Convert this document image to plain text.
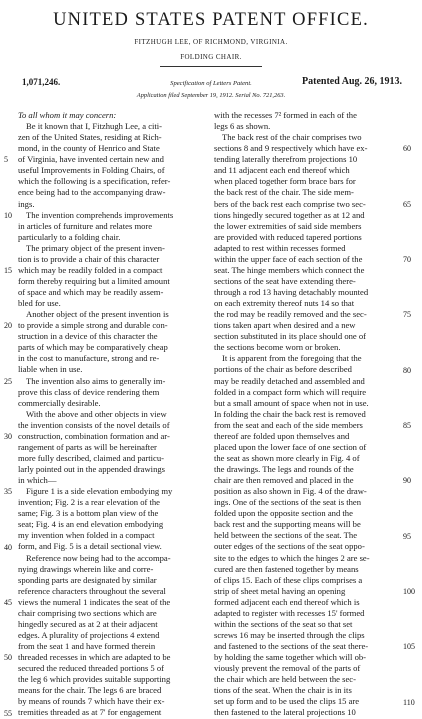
UNITED STATES PATENT OFFICE.
FITZHUGH LEE, OF RICHMOND, VIRGINIA.
FOLDING CHAIR.
1,071,246.	Specification of Letters Patent.	Patented Aug. 26, 1913.
Application filed September 19, 1912. Serial No. 721,263.
To all whom it may concern:
Be it known that I, Fitzhugh Lee, a citi-
zen of the United States, residing at Rich-
mond, in the county of Henrico and State
of Virginia, have invented certain new and
useful Improvements in Folding Chairs, of
which the following is a specification, refer-
ence being had to the accompanying draw-
ings.
The invention comprehends improvements
in articles of furniture and relates more
particularly to a folding chair.
The primary object of the present inven-
tion is to provide a chair of this character
which may be readily folded in a compact
form thereby requiring but a limited amount
of space and which may be readily assem-
bled for use.
Another object of the present invention is
to provide a simple strong and durable con-
struction in a device of this character the
parts of which may be comparatively cheap
in the cost to manufacture, strong and re-
liable when in use.
The invention also aims to generally im-
prove this class of device rendering them
commercially desirable.
With the above and other objects in view
the invention consists of the novel details of
construction, combination formation and ar-
rangement of parts as will be hereinafter
more fully described, claimed and particu-
larly pointed out in the appended drawings
in which—
Figure 1 is a side elevation embodying my
invention; Fig. 2 is a rear elevation of the
same; Fig. 3 is a bottom plan view of the
seat; Fig. 4 is an end elevation embodying
my invention when folded in a compact
form, and Fig. 5 is a detail sectional view.
Reference now being had to the accompa-
nying drawings wherein like and corre-
sponding parts are designated by similar
reference characters throughout the several
views the numeral 1 indicates the seat of the
chair comprising two sections which are
hingedly secured as at 2 at their adjacent
edges. A plurality of projections 4 extend
from the seat 1 and have formed therein
threaded recesses in which are adapted to be
secured the reduced threaded portions 5 of
the leg 6 which provides suitable supporting
means for the chair. The legs 6 are braced
by means of rounds 7 which have their ex-
tremities threaded as at 7' for engagement
with the recesses 7² formed in each of the
legs 6 as shown.
The back rest of the chair comprises two
sections 8 and 9 respectively which have ex-
tending laterally therefrom projections 10
and 11 adjacent each end thereof which
when placed together form brace bars for
the back rest of the chair. The side mem-
bers of the back rest each comprise two sec-
tions hingedly secured together as at 12 and
the lower extremities of said side members
are provided with reduced tapered portions
adapted to rest within recesses formed
within the upper face of each section of the
seat. The hinge members which connect the
sections of the seat have extending there-
through a rod 13 having detachably mounted
on each extremity thereof nuts 14 so that
the rod may be readily removed and the sec-
tions taken apart when desired and a new
section substituted in its place should one of
the sections become worn or broken.
It is apparent from the foregoing that the
portions of the chair as before described
may be readily detached and assembled and
folded in a compact form which will require
but a small amount of space when not in use.
In folding the chair the back rest is removed
from the seat and each of the side members
thereof are folded upon themselves and
placed upon the lower face of one section of
the seat as shown more clearly in Fig. 4 of
the drawings. The legs and rounds of the
chair are then removed and placed in the
position as also shown in Fig. 4 of the draw-
ings. One of the sections of the seat is then
folded upon the opposite section and the
back rest and the supporting means will be
held between the sections of the seat. The
outer edges of the sections of the seat oppo-
site to the edges to which the hinges 2 are se-
cured are then fastened together by means
of clips 15. Each of these clips comprises a
strip of sheet metal having an opening
formed adjacent each end thereof which is
adapted to register with recesses 15' formed
within the sections of the seat so that set
screws 16 may be inserted through the clips
and fastened to the sections of the seat there-
by holding the same together which will ob-
viously prevent the removal of the parts of
the chair which are held between the sec-
tions of the seat. When the chair is in its
set up form and to be used the clips 15 are
then fastened to the lateral projections 10
5
10
15
20
25
30
35
40
45
50
55
60
65
70
75
80
85
90
95
100
105
110
